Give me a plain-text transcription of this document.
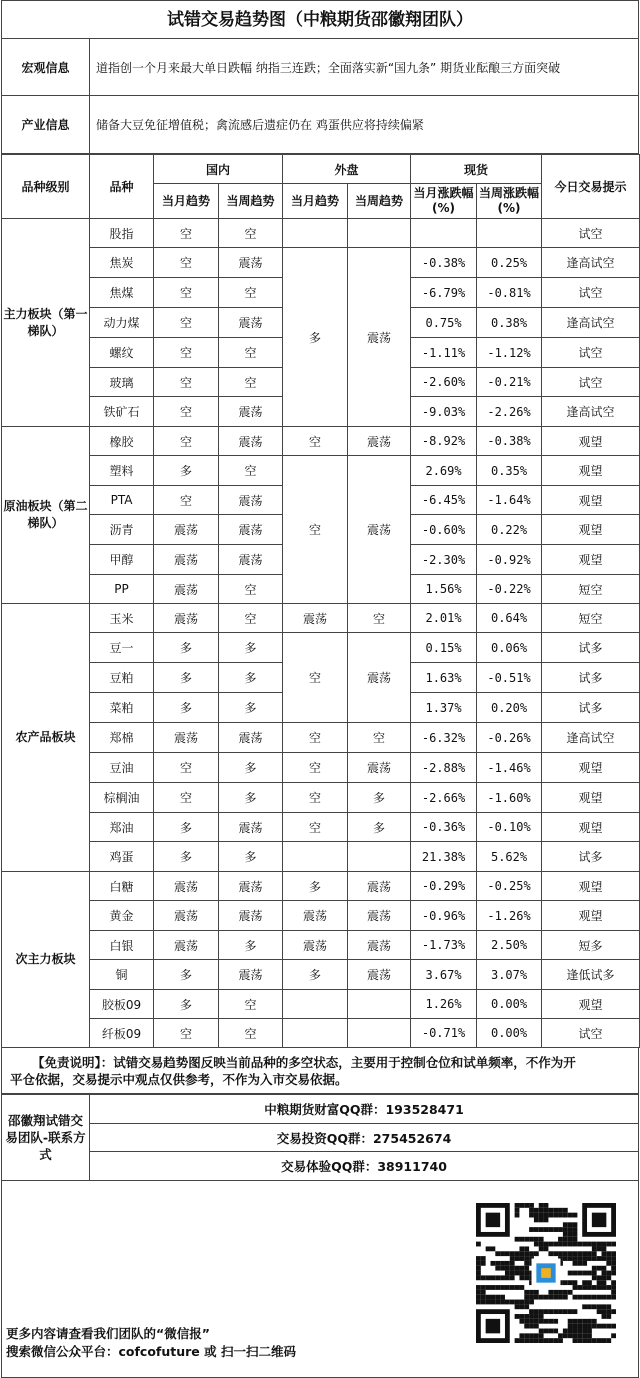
试错交易趋势图（中粮期货邵徽翔团队）
宏观信息	道指创一个月来最大单日跌幅 纳指三连跌；全面落实新“国九条” 期货业酝酿三方面突破
产业信息	储备大豆免征增值税；禽流感后遗症仍在 鸡蛋供应将持续偏紧
品种级别	品种	国内		外盘		现货		今日交易提示
		当月趋势	当周趋势	当月趋势	当周趋势	当月涨跌幅(%)	当周涨跌幅(%)	
主力板块（第一梯队）	股指	空	空					试空
	焦炭	空	震荡	多	震荡	-0.38%	0.25%	逢高试空
	焦煤	空	空			-6.79%	-0.81%	试空
	动力煤	空	震荡			0.75%	0.38%	逢高试空
	螺纹	空	空			-1.11%	-1.12%	试空
	玻璃	空	空			-2.60%	-0.21%	试空
	铁矿石	空	震荡			-9.03%	-2.26%	逢高试空
原油板块（第二梯队）	橡胶	空	震荡	空	震荡	-8.92%	-0.38%	观望
	塑料	多	空	空	震荡	2.69%	0.35%	观望
	PTA	空	震荡			-6.45%	-1.64%	观望
	沥青	震荡	震荡			-0.60%	0.22%	观望
	甲醇	震荡	震荡			-2.30%	-0.92%	观望
	PP	震荡	空			1.56%	-0.22%	短空
农产品板块	玉米	震荡	空	震荡	空	2.01%	0.64%	短空
	豆一	多	多	空	震荡	0.15%	0.06%	试多
	豆粕	多	多			1.63%	-0.51%	试多
	菜粕	多	多			1.37%	0.20%	试多
	郑棉	震荡	震荡	空	空	-6.32%	-0.26%	逢高试空
	豆油	空	多	空	震荡	-2.88%	-1.46%	观望
	棕榈油	空	多	空	多	-2.66%	-1.60%	观望
	郑油	多	震荡	空	多	-0.36%	-0.10%	观望
	鸡蛋	多	多			21.38%	5.62%	试多
次主力板块	白糖	震荡	震荡	多	震荡	-0.29%	-0.25%	观望
	黄金	震荡	震荡	震荡	震荡	-0.96%	-1.26%	观望
	白银	震荡	多	震荡	震荡	-1.73%	2.50%	短多
	铜	多	震荡	多	震荡	3.67%	3.07%	逢低试多
	胶板09	多	空			1.26%	0.00%	观望
	纤板09	空	空			-0.71%	0.00%	试空
【免责说明】：试错交易趋势图反映当前品种的多空状态，主要用于控制仓位和试单频率，不作为开
平仓依据，交易提示中观点仅供参考，不作为入市交易依据。
邵徽翔试错交易团队-联系方式	中粮期货财富QQ群：193528471
交易投资QQ群：275452674
交易体验QQ群：38911740
更多内容请查看我们团队的“微信报”
搜索微信公众平台：cofcofuture 或 扫一扫二维码
